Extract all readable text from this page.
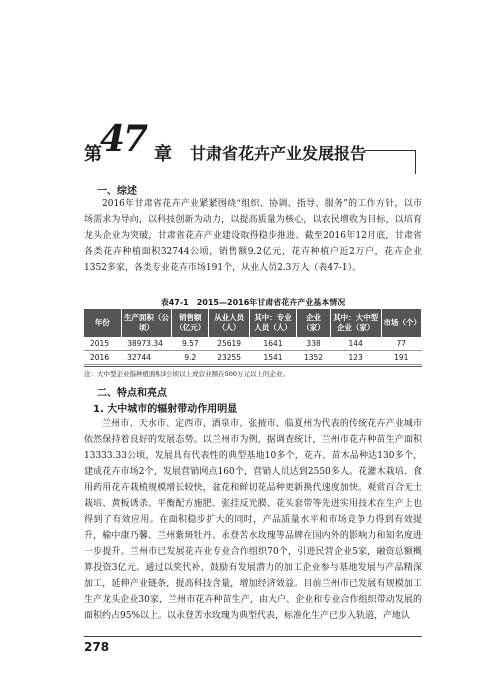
第
47 章 甘肃省花卉产业发展报告
一、综述
2016年甘肃省花卉产业紧紧围绕“组织、协调、指导、服务”的工作方针，以市场需求为导向，以科技创新为动力，以提高质量为核心，以农民增收为目标，以培育龙头企业为突破，甘肃省花卉产业建设取得稳步推进。截至2016年12月底，甘肃省各类花卉种植面积32744公顷，销售额9.2亿元，花卉种植户近2万户，花卉企业1352多家，各类专业花卉市场191个，从业人员2.3万人（表47-1）。
表47-1　2015—2016年甘肃省花卉产业基本情况
年份	生产面积（公顷）	销售额（亿元）	从业人员（人）	其中：专业人员（人）	企业（家）	其中：大中型企业（家）	市场（个）
2015	38973.34	9.57	25619	1641	338	144	77
2016	32744	9.2	23255	1541	1352	123	191
注：大中型企业指种植面积3公顷以上或营业额在500万元以上的企业。
二、特点和亮点
1. 大中城市的辐射带动作用明显
兰州市、天水市、定西市、酒泉市、张掖市、临夏州为代表的传统花卉产业城市依然保持着良好的发展态势。以兰州市为例，据调查统计，兰州市花卉种苗生产面积13333.33公顷，发展具有代表性的典型基地10多个，花卉、苗木品种达130多个，建成花卉市场2个，发展营销网点160个，营销人员达到2550多人。花灌木栽培、食用药用花卉栽植规模增长较快，盆花和鲜切花品种更新换代速度加快。观赏百合无土栽培、黄板诱杀、平衡配方施肥、张挂反光膜、花头套带等先进实用技术在生产上也得到了有效应用。在面积稳步扩大的同时，产品质量水平和市场竞争力得到有效提升，榆中康乃馨、兰州紫斑牡丹、永登苦水玫瑰等品牌在国内外的影响力和知名度进一步提升。兰州市已发展花卉业专业合作组织70个，引进民营企业5家，融资总额概算投资3亿元。通过以奖代补，鼓励有发展潜力的加工企业参与基地发展与产品精深加工，延伸产业链条，提高科技含量，增加经济效益。目前兰州市已发展有规模加工生产龙头企业30家，兰州市花卉种苗生产，由大户、企业和专业合作组织带动发展的面积约占95%以上。以永登苦水玫瑰为典型代表，标准化生产已步入轨道，产地认
278
